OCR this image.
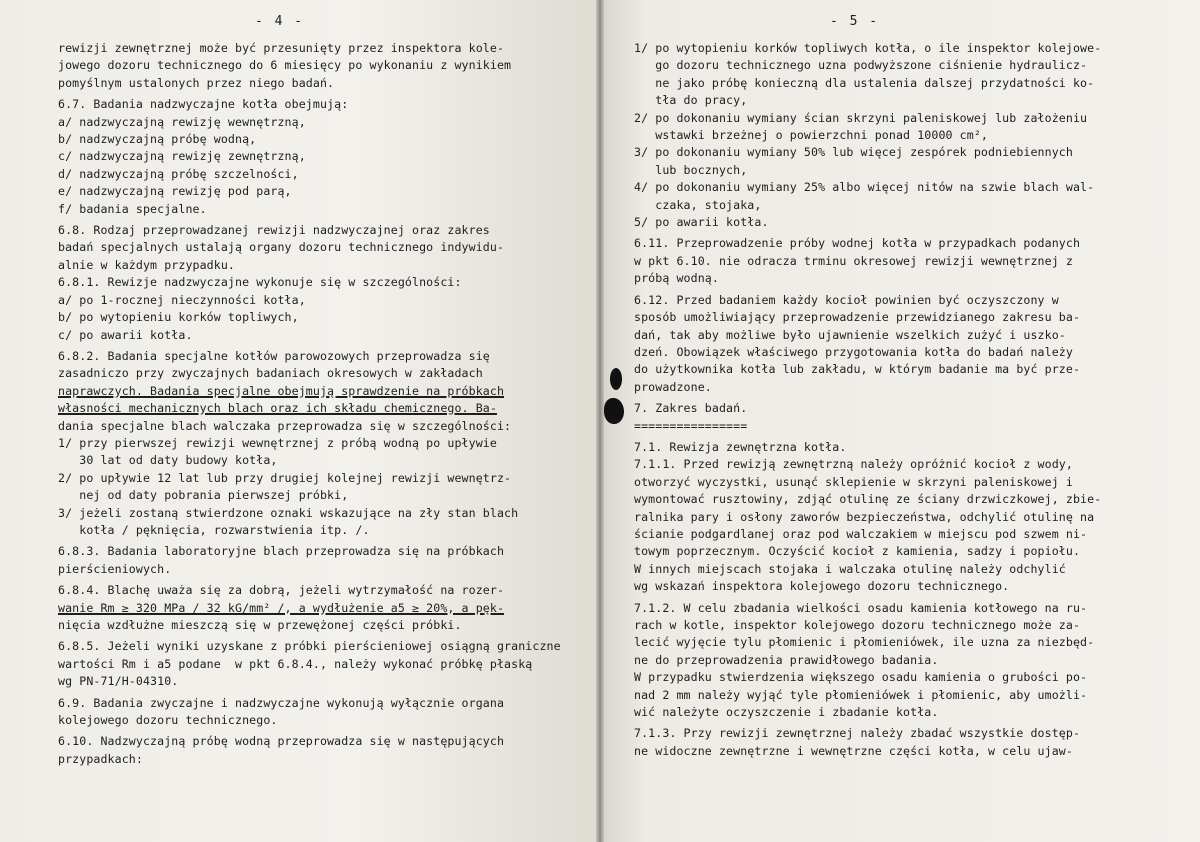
- 4 -
rewizji zewnętrznej może być przesunięty przez inspektora kole-
jowego dozoru technicznego do 6 miesięcy po wykonaniu z wynikiem
pomyślnym ustalonych przez niego badań.
6.7. Badania nadzwyczajne kotła obejmują:
a/ nadzwyczajną rewizję wewnętrzną,
b/ nadzwyczajną próbę wodną,
c/ nadzwyczajną rewizję zewnętrzną,
d/ nadzwyczajną próbę szczelności,
e/ nadzwyczajną rewizję pod parą,
f/ badania specjalne.
6.8. Rodzaj przeprowadzanej rewizji nadzwyczajnej oraz zakres
badań specjalnych ustalają organy dozoru technicznego indywidu-
alnie w każdym przypadku.
6.8.1. Rewizje nadzwyczajne wykonuje się w szczególności:
a/ po 1-rocznej nieczynności kotła,
b/ po wytopieniu korków topliwych,
c/ po awarii kotła.
6.8.2. Badania specjalne kotłów parowozowych przeprowadza się
zasadniczo przy zwyczajnych badaniach okresowych w zakładach
naprawczych. Badania specjalne obejmują sprawdzenie na próbkach
własności mechanicznych blach oraz ich składu chemicznego. Ba-
dania specjalne blach walczaka przeprowadza się w szczególności:
1/ przy pierwszej rewizji wewnętrznej z próbą wodną po upływie
30 lat od daty budowy kotła,
2/ po upływie 12 lat lub przy drugiej kolejnej rewizji wewnętrz-
nej od daty pobrania pierwszej próbki,
3/ jeżeli zostaną stwierdzone oznaki wskazujące na zły stan blach
kotła / pęknięcia, rozwarstwienia itp. /.
6.8.3. Badania laboratoryjne blach przeprowadza się na próbkach
pierścieniowych.
6.8.4. Blachę uważa się za dobrą, jeżeli wytrzymałość na rozer-
wanie Rm ≥ 320 MPa / 32 kG/mm² /, a wydłużenie a5 ≥ 20%, a pęk-
nięcia wzdłużne mieszczą się w przewężonej części próbki.
6.8.5. Jeżeli wyniki uzyskane z próbki pierścieniowej osiągną graniczne
wartości Rm i a5 podane  w pkt 6.8.4., należy wykonać próbkę płaską
wg PN-71/H-04310.
6.9. Badania zwyczajne i nadzwyczajne wykonują wyłącznie organa
kolejowego dozoru technicznego.
6.10. Nadzwyczajną próbę wodną przeprowadza się w następujących
przypadkach:
- 5 -
1/ po wytopieniu korków topliwych kotła, o ile inspektor kolejowe-
go dozoru technicznego uzna podwyższone ciśnienie hydraulicz-
ne jako próbę konieczną dla ustalenia dalszej przydatności ko-
tła do pracy,
2/ po dokonaniu wymiany ścian skrzyni paleniskowej lub założeniu
wstawki brzeżnej o powierzchni ponad 10000 cm²,
3/ po dokonaniu wymiany 50% lub więcej zespórek podniebiennych
lub bocznych,
4/ po dokonaniu wymiany 25% albo więcej nitów na szwie blach wal-
czaka, stojaka,
5/ po awarii kotła.
6.11. Przeprowadzenie próby wodnej kotła w przypadkach podanych
w pkt 6.10. nie odracza trminu okresowej rewizji wewnętrznej z
próbą wodną.
6.12. Przed badaniem każdy kocioł powinien być oczyszczony w
sposób umożliwiający przeprowadzenie przewidzianego zakresu ba-
dań, tak aby możliwe było ujawnienie wszelkich zużyć i uszko-
dzeń. Obowiązek właściwego przygotowania kotła do badań należy
do użytkownika kotła lub zakładu, w którym badanie ma być prze-
prowadzone.
7. Zakres badań.
================
7.1. Rewizja zewnętrzna kotła.
7.1.1. Przed rewizją zewnętrzną należy opróżnić kocioł z wody,
otworzyć wyczystki, usunąć sklepienie w skrzyni paleniskowej i
wymontować rusztowiny, zdjąć otulinę ze ściany drzwiczkowej, zbie-
ralnika pary i osłony zaworów bezpieczeństwa, odchylić otulinę na
ścianie podgardlanej oraz pod walczakiem w miejscu pod szwem ni-
towym poprzecznym. Oczyścić kocioł z kamienia, sadzy i popiołu.
W innych miejscach stojaka i walczaka otulinę należy odchylić
wg wskazań inspektora kolejowego dozoru technicznego.
7.1.2. W celu zbadania wielkości osadu kamienia kotłowego na ru-
rach w kotle, inspektor kolejowego dozoru technicznego może za-
lecić wyjęcie tylu płomienic i płomieniówek, ile uzna za niezbęd-
ne do przeprowadzenia prawidłowego badania.
W przypadku stwierdzenia większego osadu kamienia o grubości po-
nad 2 mm należy wyjąć tyle płomieniówek i płomienic, aby umożli-
wić należyte oczyszczenie i zbadanie kotła.
7.1.3. Przy rewizji zewnętrznej należy zbadać wszystkie dostęp-
ne widoczne zewnętrzne i wewnętrzne części kotła, w celu ujaw-
